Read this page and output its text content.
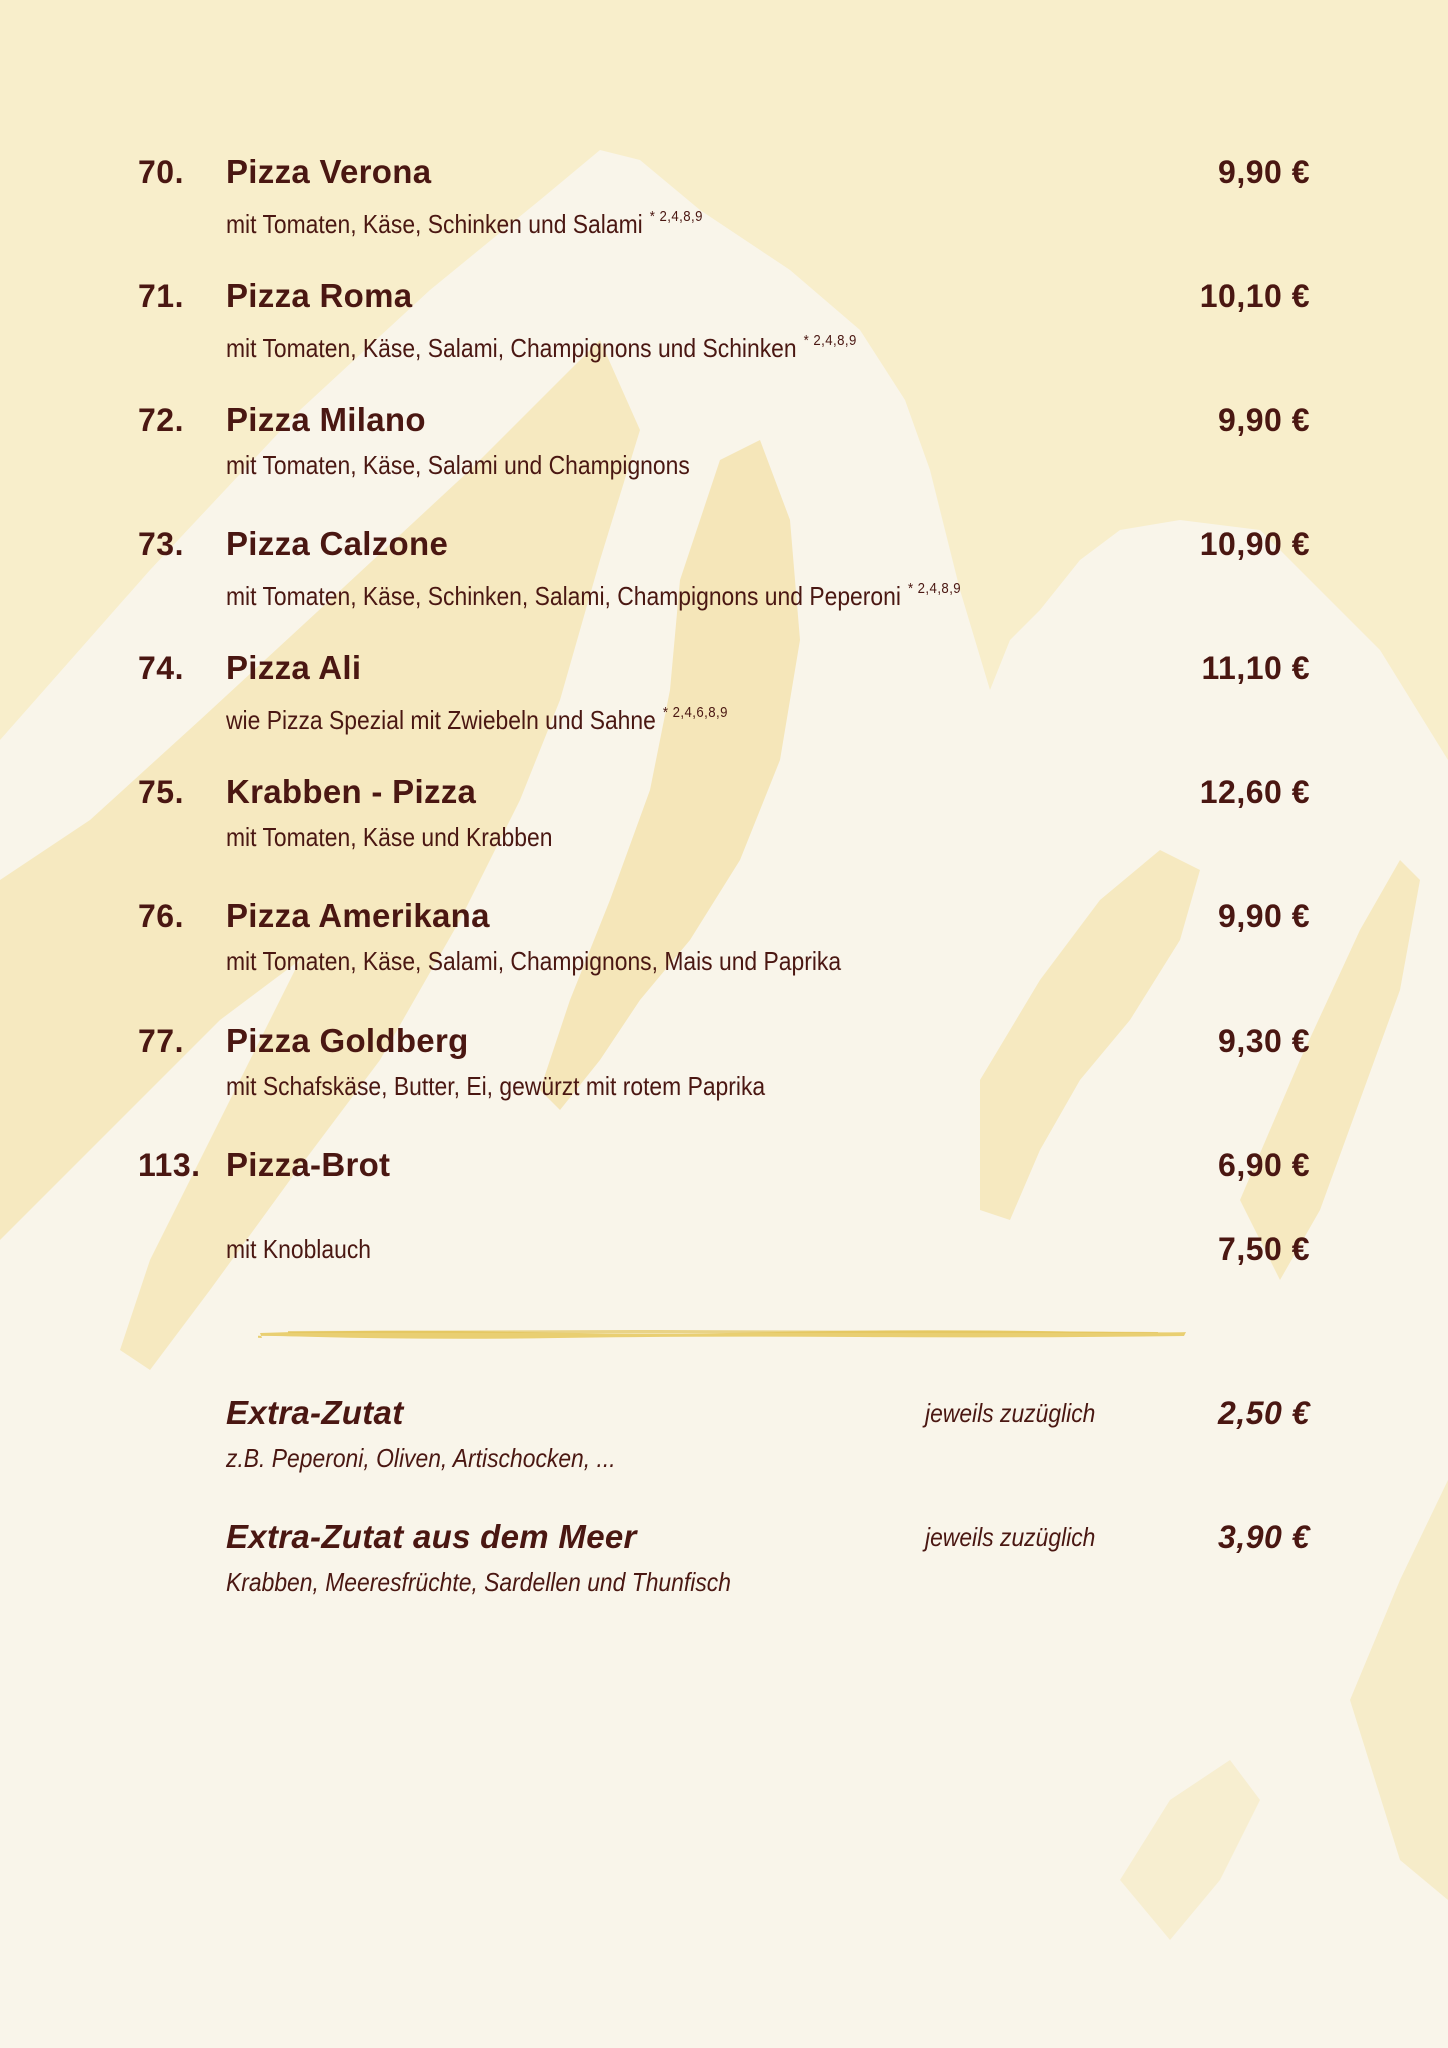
70. Pizza Verona	9,90 €
mit Tomaten, Käse, Schinken und Salami $^{* 2,4,8,9}$
71. Pizza Roma	10,10 €
mit Tomaten, Käse, Salami, Champignons und Schinken $^{* 2,4,8,9}$
72. Pizza Milano	9,90 €
mit Tomaten, Käse, Salami und Champignons
73. Pizza Calzone	10,90 €
mit Tomaten, Käse, Schinken, Salami, Champignons und Peperoni $^{* 2,4,8,9}$
74. Pizza Ali	11,10 €
wie Pizza Spezial mit Zwiebeln und Sahne $^{* 2,4,6,8,9}$
75. Krabben - Pizza	12,60 €
mit Tomaten, Käse und Krabben
76. Pizza Amerikana	9,90 €
mit Tomaten, Käse, Salami, Champignons, Mais und Paprika
77. Pizza Goldberg	9,30 €
mit Schafskäse, Butter, Ei, gewürzt mit rotem Paprika
113. Pizza-Brot	6,90 €
mit Knoblauch	7,50 €
Extra-Zutat	jeweils zuzüglich	2,50 €
z.B. Peperoni, Oliven, Artischocken, ...
Extra-Zutat aus dem Meer	jeweils zuzüglich	3,90 €
Krabben, Meeresfrüchte, Sardellen und Thunfisch
